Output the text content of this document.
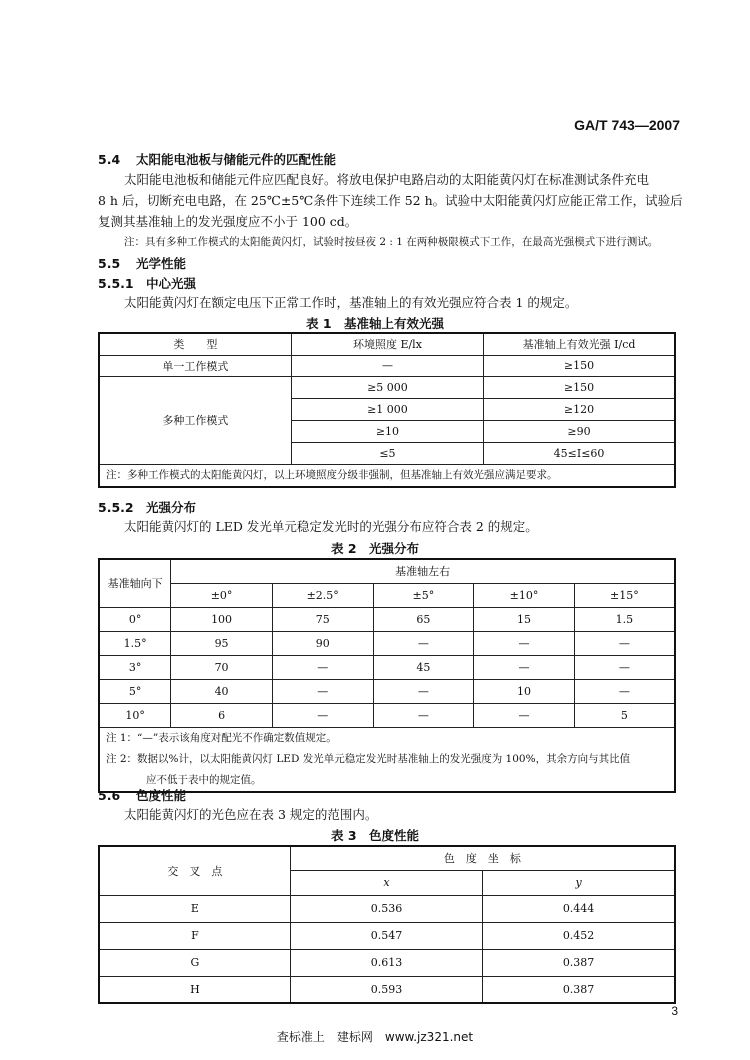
GA/T 743—2007
5.4 太阳能电池板与储能元件的匹配性能
太阳能电池板和储能元件应匹配良好。将放电保护电路启动的太阳能黄闪灯在标准测试条件充电
8 h 后，切断充电电路，在 25℃±5℃条件下连续工作 52 h。试验中太阳能黄闪灯应能正常工作，试验后
复测其基准轴上的发光强度应不小于 100 cd。
注：具有多种工作模式的太阳能黄闪灯，试验时按昼夜 2 : 1 在两种极限模式下工作，在最高光强模式下进行测试。
5.5 光学性能
5.5.1 中心光强
太阳能黄闪灯在额定电压下正常工作时，基准轴上的有效光强应符合表 1 的规定。
表 1　基准轴上有效光强
类　　型	环境照度 E/lx	基准轴上有效光强 I/cd
单一工作模式	—	≥150
多种工作模式	≥5 000	≥150
	≥1 000	≥120
	≥10	≥90
	≤5	45≤I≤60
注：多种工作模式的太阳能黄闪灯，以上环境照度分级非强制，但基准轴上有效光强应满足要求。		
5.5.2 光强分布
太阳能黄闪灯的 LED 发光单元稳定发光时的光强分布应符合表 2 的规定。
表 2　光强分布
基准轴向下	基准轴左右				
	±0°	±2.5°	±5°	±10°	±15°
0°	100	75	65	15	1.5
1.5°	95	90	—	—	—
3°	70	—	45	—	—
5°	40	—	—	10	—
10°	6	—	—	—	5

注 1：“—”表示该角度对配光不作确定数值规定。
注 2：数据以%计，以太阳能黄闪灯 LED 发光单元稳定发光时基准轴上的发光强度为 100%，其余方向与其比值
应不低于表中的规定值。					
5.6 色度性能
太阳能黄闪灯的光色应在表 3 规定的范围内。
表 3　色度性能
交　叉　点	色　度　坐　标	
	x	y
E	0.536	0.444
F	0.547	0.452
G	0.613	0.387
H	0.593	0.387
3
查标准上　建标网　www.jz321.net
